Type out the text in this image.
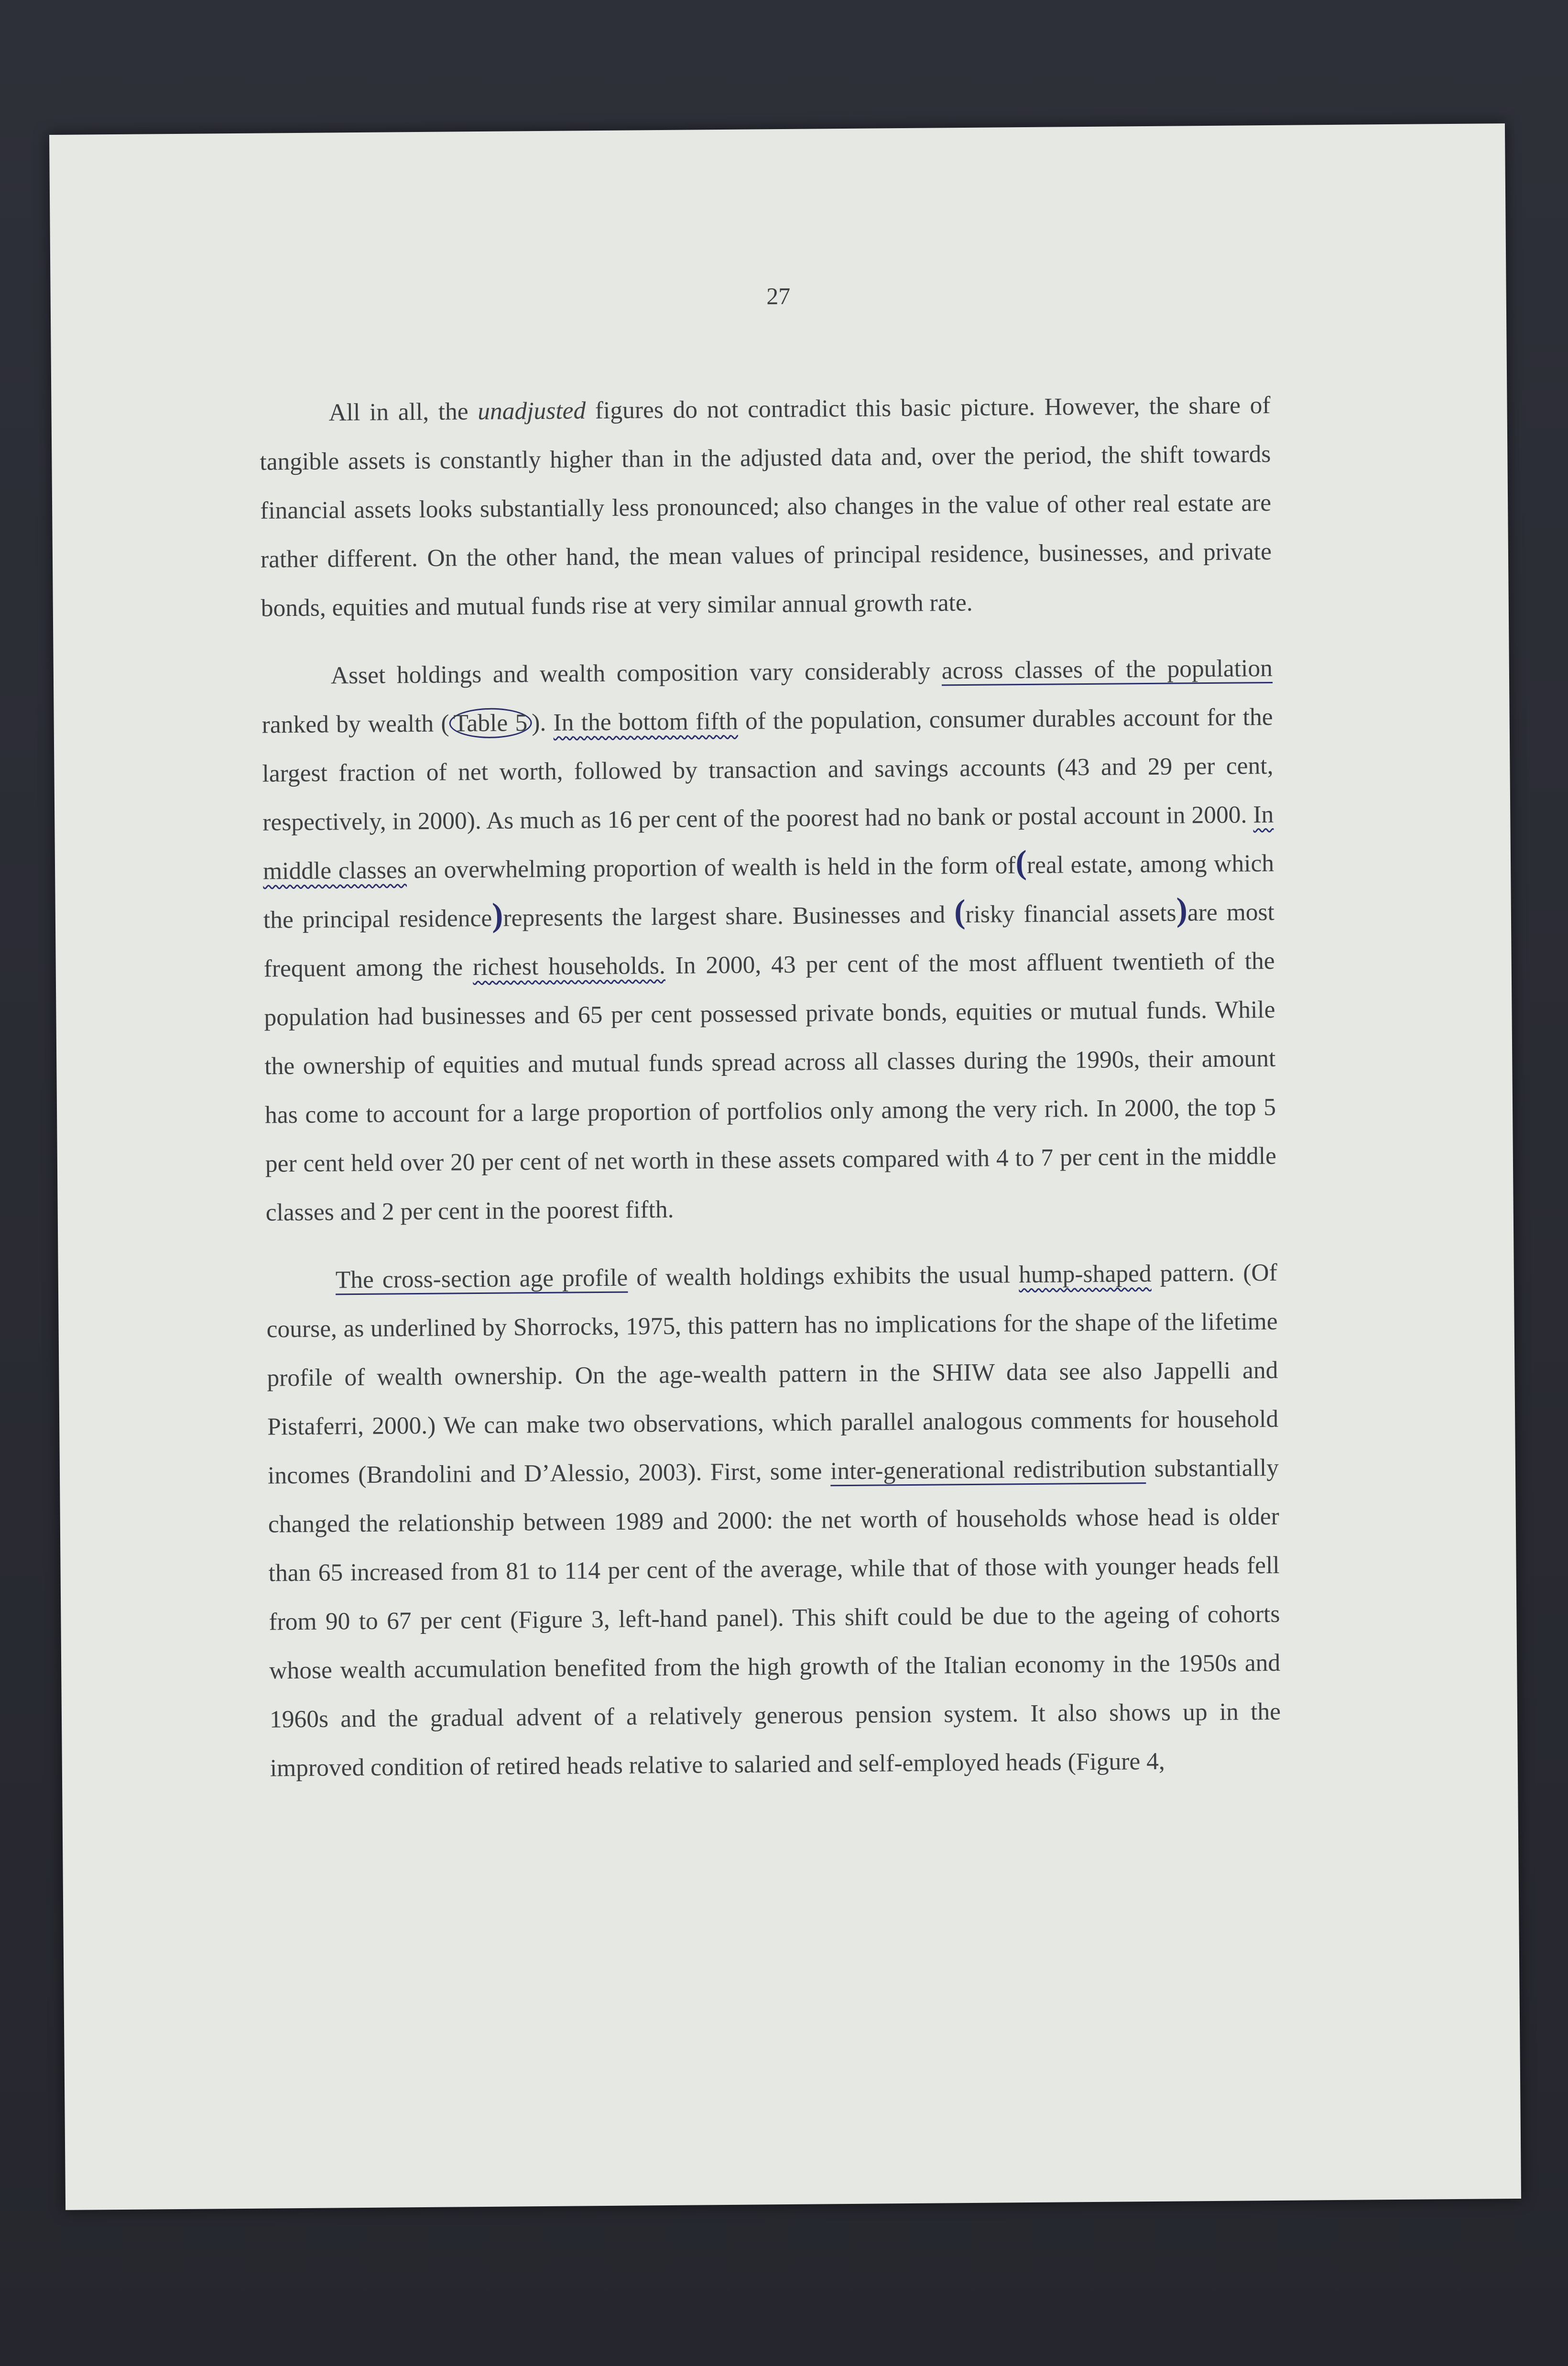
27

All in all, the unadjusted figures do not contradict this basic picture. However, the share of tangible assets is constantly higher than in the adjusted data and, over the period, the shift towards financial assets looks substantially less pronounced; also changes in the value of other real estate are rather different. On the other hand, the mean values of principal residence, businesses, and private bonds, equities and mutual funds rise at very similar annual growth rate.

Asset holdings and wealth composition vary considerably across classes of the population ranked by wealth ( Table 5 ). In the bottom fifth of the population, consumer durables account for the largest fraction of net worth, followed by transaction and savings accounts (43 and 29 per cent, respectively, in 2000). As much as 16 per cent of the poorest had no bank or postal account in 2000. In middle classes an overwhelming proportion of wealth is held in the form of(real estate, among which the principal residence)represents the largest share. Businesses and (risky financial assets)are most frequent among the richest households. In 2000, 43 per cent of the most affluent twentieth of the population had businesses and 65 per cent possessed private bonds, equities or mutual funds. While the ownership of equities and mutual funds spread across all classes during the 1990s, their amount has come to account for a large proportion of portfolios only among the very rich. In 2000, the top 5 per cent held over 20 per cent of net worth in these assets compared with 4 to 7 per cent in the middle classes and 2 per cent in the poorest fifth.

The cross-section age profile of wealth holdings exhibits the usual hump-shaped pattern. (Of course, as underlined by Shorrocks, 1975, this pattern has no implications for the shape of the lifetime profile of wealth ownership. On the age-wealth pattern in the SHIW data see also Jappelli and Pistaferri, 2000.) We can make two observations, which parallel analogous comments for household incomes (Brandolini and D’Alessio, 2003). First, some inter-generational redistribution substantially changed the relationship between 1989 and 2000: the net worth of households whose head is older than 65 increased from 81 to 114 per cent of the average, while that of those with younger heads fell from 90 to 67 per cent (Figure 3, left-hand panel). This shift could be due to the ageing of cohorts whose wealth accumulation benefited from the high growth of the Italian economy in the 1950s and 1960s and the gradual advent of a relatively generous pension system. It also shows up in the improved condition of retired heads relative to salaried and self-employed heads (Figure 4,
